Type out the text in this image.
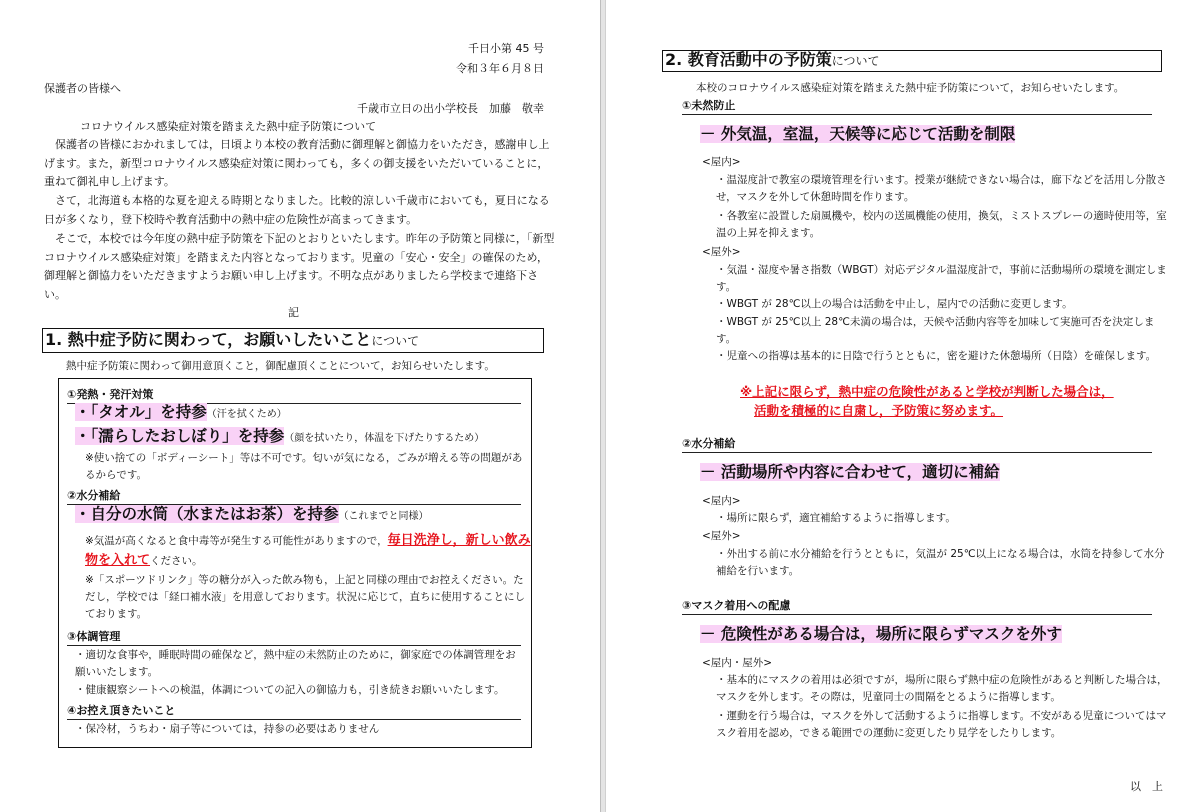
千日小第 45 号
令和３年６月８日
保護者の皆様へ
千歳市立日の出小学校長　加藤　敬幸
コロナウイルス感染症対策を踏まえた熱中症予防策について
　保護者の皆様におかれましては，日頃より本校の教育活動に御理解と御協力をいただき，感謝申し上げます。また，新型コロナウイルス感染症対策に関わっても，多くの御支援をいただいていることに，重ねて御礼申し上げます。
　さて，北海道も本格的な夏を迎える時期となりました。比較的涼しい千歳市においても，夏日になる日が多くなり，登下校時や教育活動中の熱中症の危険性が高まってきます。
　そこで，本校では今年度の熱中症予防策を下記のとおりといたします。昨年の予防策と同様に，「新型コロナウイルス感染症対策」を踏まえた内容となっております。児童の「安心・安全」の確保のため，御理解と御協力をいただきますようお願い申し上げます。不明な点がありましたら学校まで連絡下さい。
記
1. 熱中症予防に関わって，お願いしたいことについて
熱中症予防策に関わって御用意頂くこと，御配慮頂くことについて，お知らせいたします。
①発熱・発汗対策
・「タオル」を持参（汗を拭くため）
・「濡らしたおしぼり」を持参（顔を拭いたり，体温を下げたりするため）
※使い捨ての「ボディーシート」等は不可です。匂いが気になる，ごみが増える等の問題があるからです。
②水分補給
・自分の水筒（水またはお茶）を持参（これまでと同様）
※気温が高くなると食中毒等が発生する可能性がありますので，毎日洗浄し，新しい飲み物を入れてください。
※「スポーツドリンク」等の糖分が入った飲み物も，上記と同様の理由でお控えください。ただし，学校では「経口補水液」を用意しております。状況に応じて，直ちに使用することにしております。
③体調管理
・適切な食事や，睡眠時間の確保など，熱中症の未然防止のために，御家庭での体調管理をお願いいたします。
・健康観察シートへの検温，体調についての記入の御協力も，引き続きお願いいたします。
④お控え頂きたいこと
・保冷材，うちわ・扇子等については，持参の必要はありません
2. 教育活動中の予防策について
本校のコロナウイルス感染症対策を踏まえた熱中症予防策について，お知らせいたします。
①未然防止
－ 外気温，室温，天候等に応じて活動を制限
<屋内>
・温湿度計で教室の環境管理を行います。授業が継続できない場合は，廊下などを活用し分散させ，マスクを外して休憩時間を作ります。
・各教室に設置した扇風機や，校内の送風機能の使用，換気，ミストスプレーの適時使用等，室温の上昇を抑えます。
<屋外>
・気温・湿度や暑さ指数（WBGT）対応デジタル温湿度計で，事前に活動場所の環境を測定します。
・WBGT が 28℃以上の場合は活動を中止し，屋内での活動に変更します。
・WBGT が 25℃以上 28℃未満の場合は，天候や活動内容等を加味して実施可否を決定します。
・児童への指導は基本的に日陰で行うとともに，密を避けた休憩場所（日陰）を確保します。
※上記に限らず，熱中症の危険性があると学校が判断した場合は，
活動を積極的に自粛し，予防策に努めます。
②水分補給
－ 活動場所や内容に合わせて，適切に補給
<屋内>
・場所に限らず，適宜補給するように指導します。
<屋外>
・外出する前に水分補給を行うとともに，気温が 25℃以上になる場合は，水筒を持参して水分補給を行います。
③マスク着用への配慮
－ 危険性がある場合は，場所に限らずマスクを外す
<屋内・屋外>
・基本的にマスクの着用は必須ですが，場所に限らず熱中症の危険性があると判断した場合は，マスクを外します。その際は，児童同士の間隔をとるように指導します。
・運動を行う場合は，マスクを外して活動するように指導します。不安がある児童についてはマスク着用を認め，できる範囲での運動に変更したり見学をしたりします。
以　上
